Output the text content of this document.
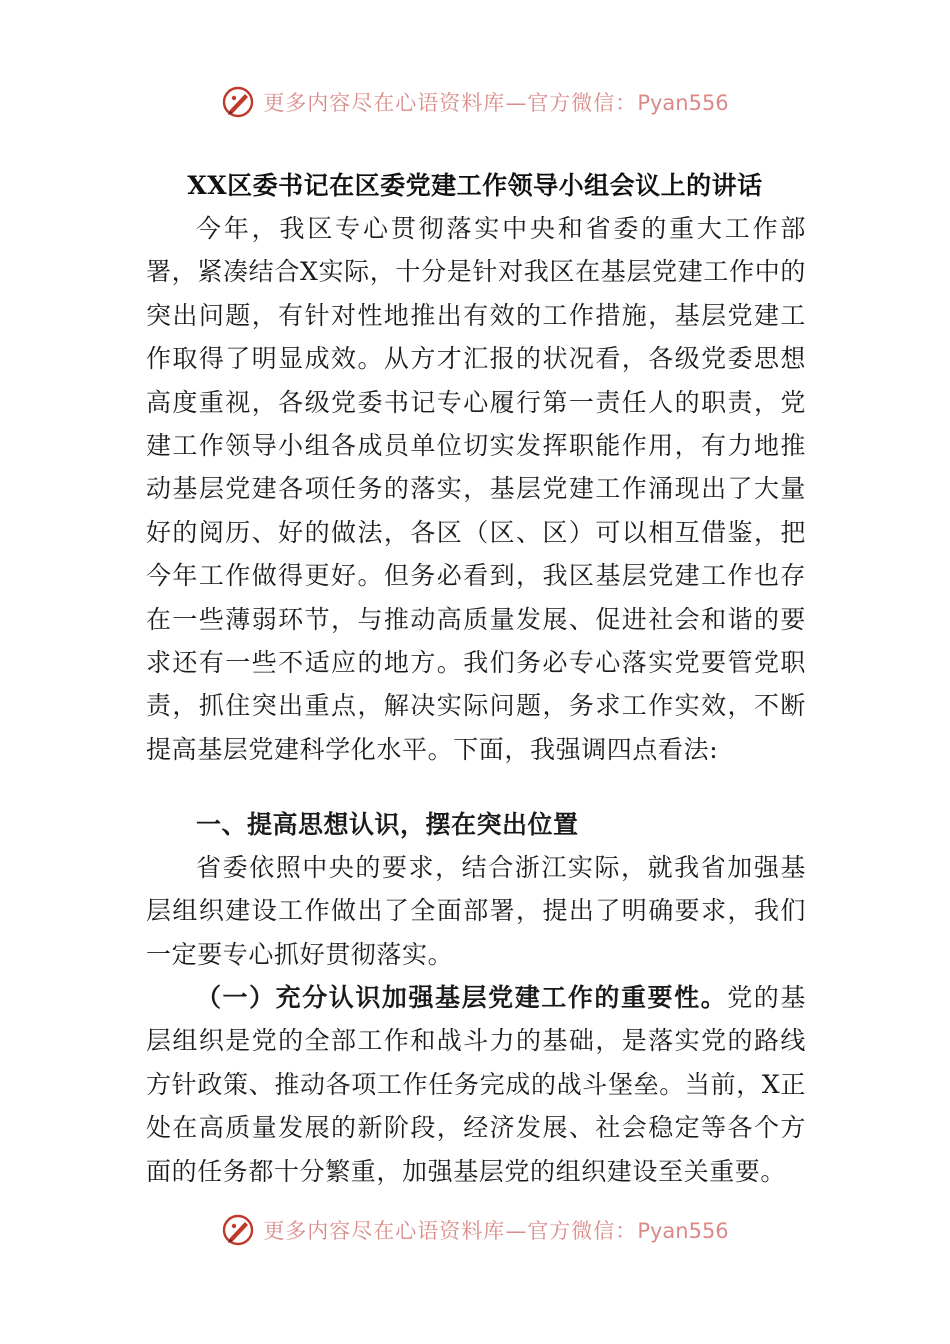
更多内容尽在心语资料库—官方微信：Pyan556
XX区委书记在区委党建工作领导小组会议上的讲话

今年，我区专心贯彻落实中央和省委的重大工作部署，紧凑结合X实际，十分是针对我区在基层党建工作中的突出问题，有针对性地推出有效的工作措施，基层党建工作取得了明显成效。从方才汇报的状况看，各级党委思想高度重视，各级党委书记专心履行第一责任人的职责，党建工作领导小组各成员单位切实发挥职能作用，有力地推动基层党建各项任务的落实，基层党建工作涌现出了大量好的阅历、好的做法，各区（区、区）可以相互借鉴，把今年工作做得更好。但务必看到，我区基层党建工作也存在一些薄弱环节，与推动高质量发展、促进社会和谐的要求还有一些不适应的地方。我们务必专心落实党要管党职责，抓住突出重点，解决实际问题，务求工作实效，不断提高基层党建科学化水平。下面，我强调四点看法:

一、提高思想认识，摆在突出位置

省委依照中央的要求，结合浙江实际，就我省加强基层组织建设工作做出了全面部署，提出了明确要求，我们一定要专心抓好贯彻落实。

（一）充分认识加强基层党建工作的重要性。党的基层组织是党的全部工作和战斗力的基础，是落实党的路线方针政策、推动各项工作任务完成的战斗堡垒。当前，X正处在高质量发展的新阶段，经济发展、社会稳定等各个方面的任务都十分繁重，加强基层党的组织建设至关重要。

更多内容尽在心语资料库—官方微信：Pyan556
